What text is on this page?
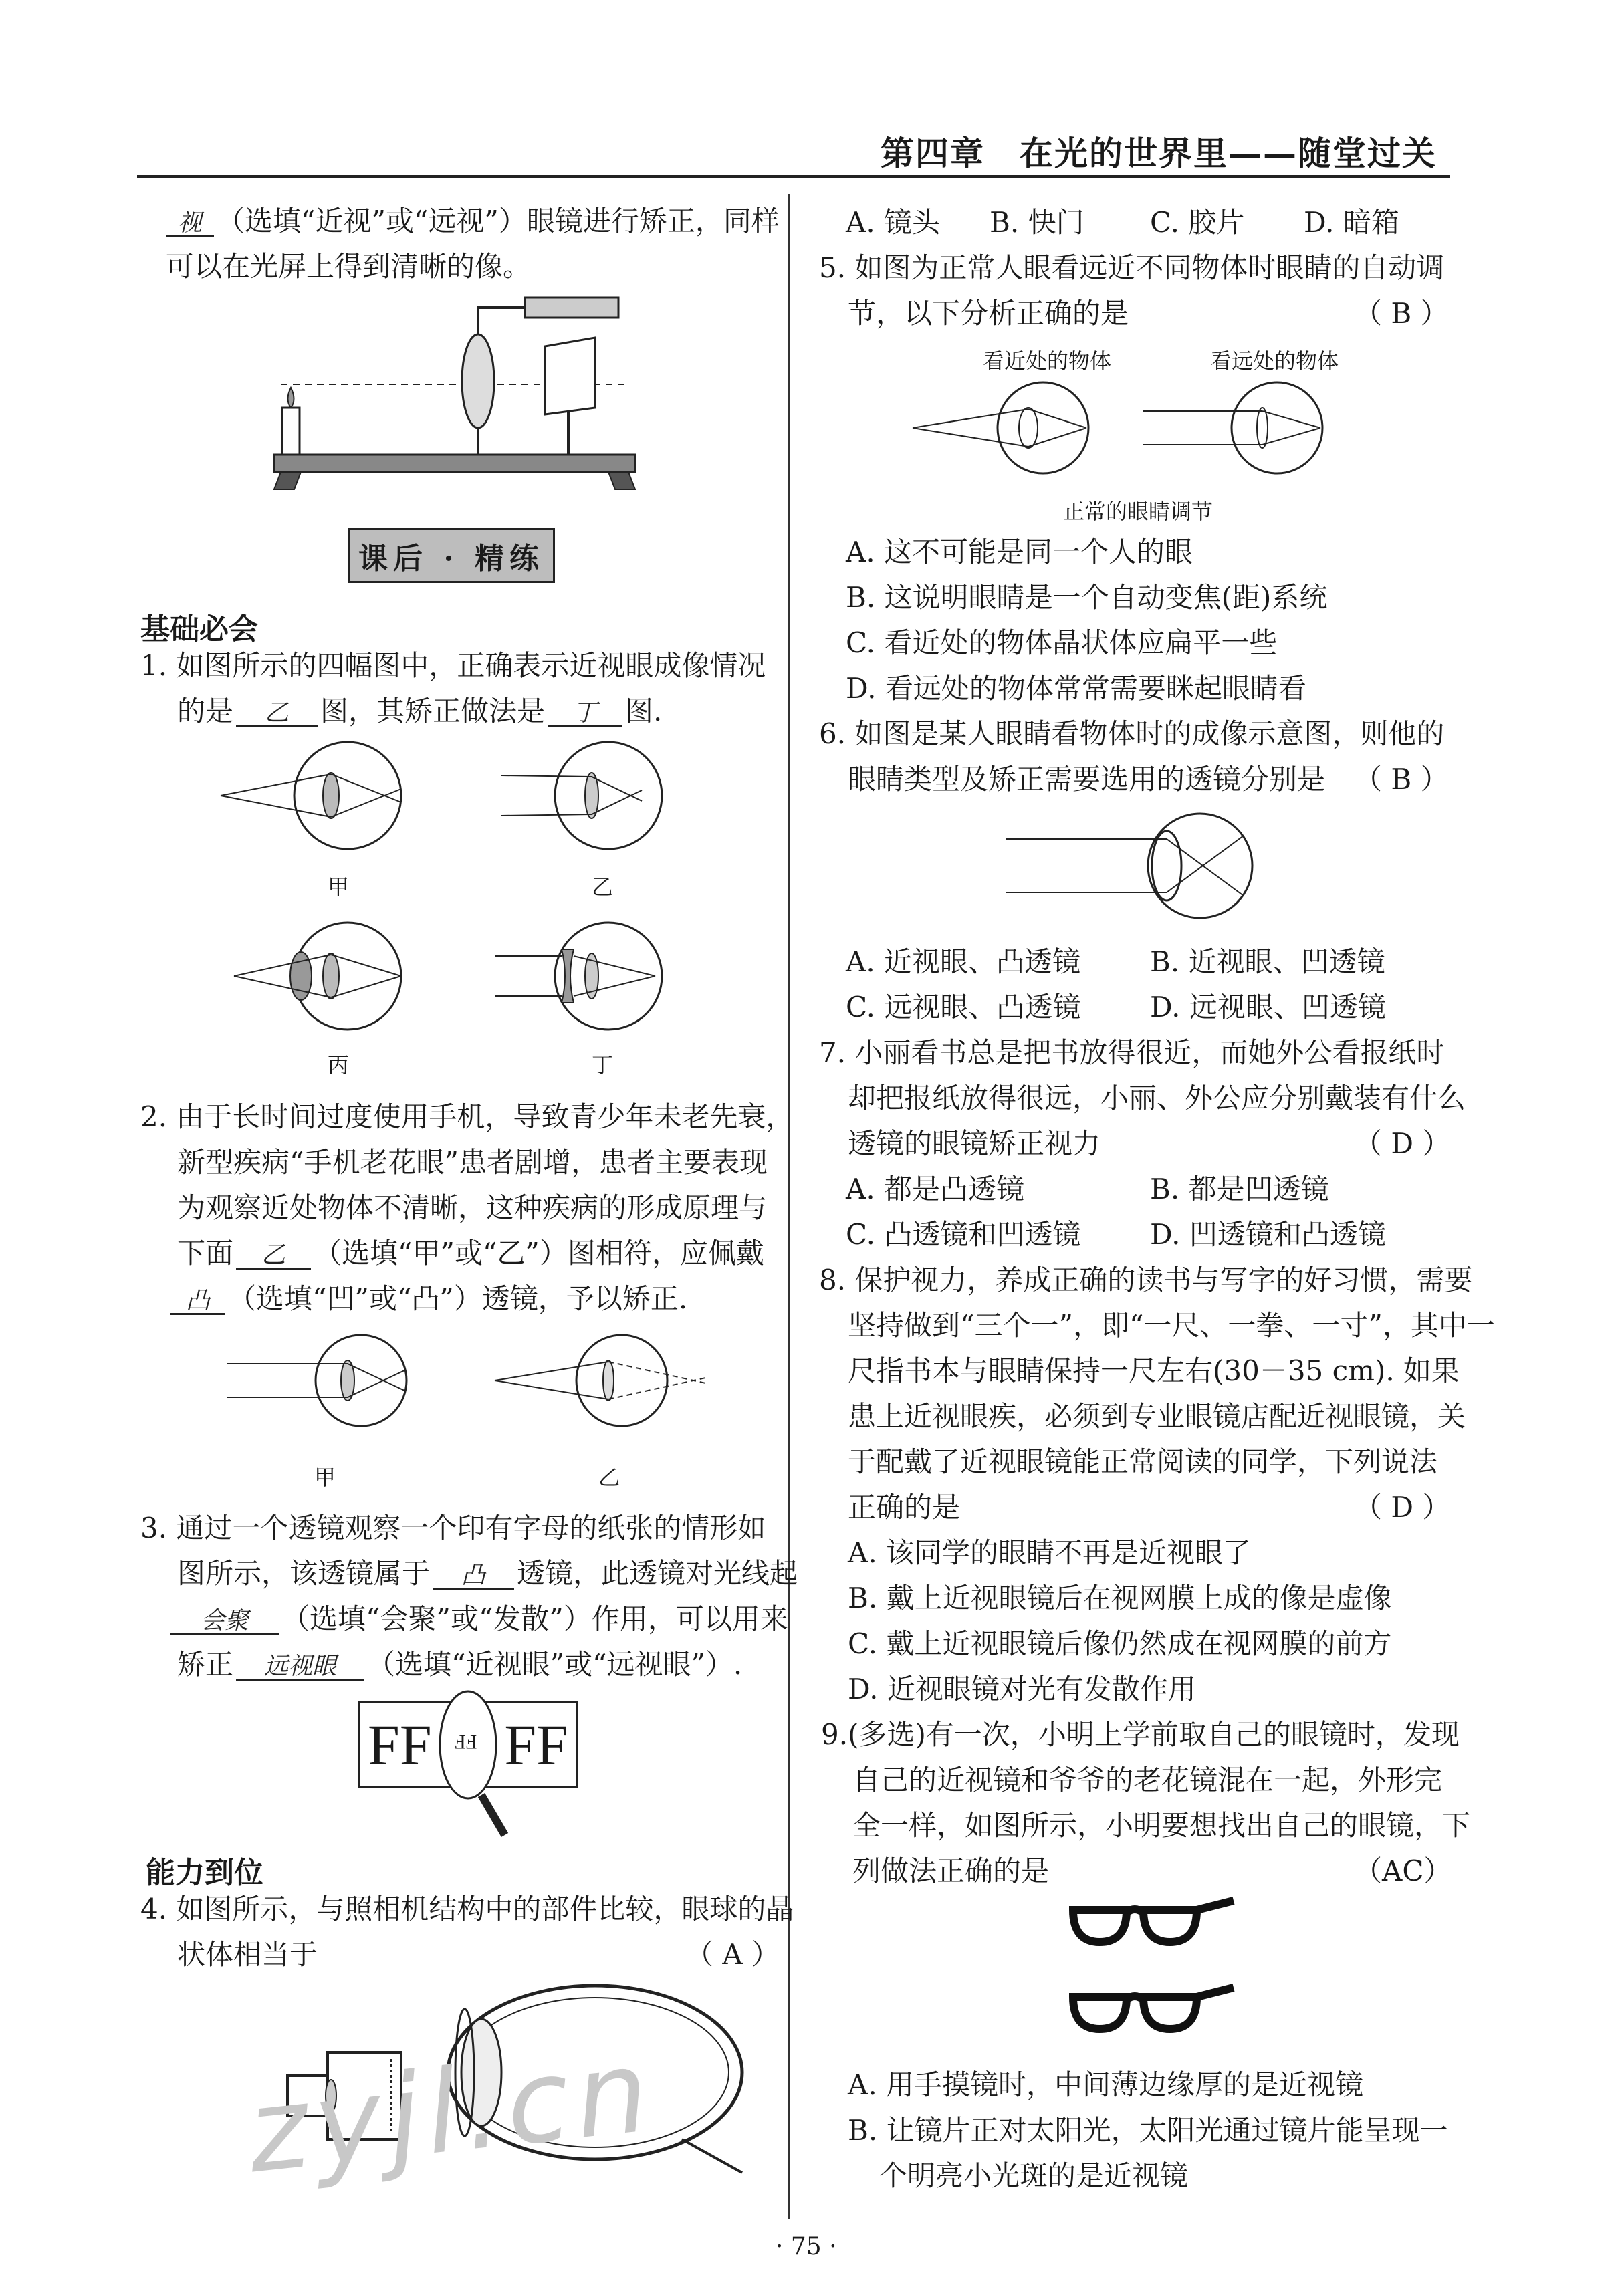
第四章　在光的世界里——随堂过关
视 （选填“近视”或“远视”）眼镜进行矫正，同样
可以在光屏上得到清晰的像。
课后 · 精练
基础必会
1. 如图所示的四幅图中，正确表示近视眼成像情况
的是 乙 图，其矫正做法是 丁 图.
甲	乙
丙	丁
2. 由于长时间过度使用手机，导致青少年未老先衰，
新型疾病“手机老花眼”患者剧增，患者主要表现
为观察近处物体不清晰，这种疾病的形成原理与
下面 乙 （选填“甲”或“乙”）图相符，应佩戴
凸 （选填“凹”或“凸”）透镜，予以矫正.
甲	乙
3. 通过一个透镜观察一个印有字母的纸张的情形如
图所示，该透镜属于 凸 透镜，此透镜对光线起
会聚 （选填“会聚”或“发散”）作用，可以用来
矫正 远视眼 （选填“近视眼”或“远视眼”）.
FF FF
FF
能力到位
4. 如图所示，与照相机结构中的部件比较，眼球的晶
状体相当于	（ A ）
zyjl.cn
A. 镜头 B. 快门 C. 胶片 D. 暗箱
5. 如图为正常人眼看远近不同物体时眼睛的自动调
节，以下分析正确的是	（ B ）
看近处的物体	看远处的物体
正常的眼睛调节
A. 这不可能是同一个人的眼
B. 这说明眼睛是一个自动变焦(距)系统
C. 看近处的物体晶状体应扁平一些
D. 看远处的物体常常需要眯起眼睛看
6. 如图是某人眼睛看物体时的成像示意图，则他的
眼睛类型及矫正需要选用的透镜分别是 （ B ）
A. 近视眼、凸透镜 B. 近视眼、凹透镜
C. 远视眼、凸透镜 D. 远视眼、凹透镜
7. 小丽看书总是把书放得很近，而她外公看报纸时
却把报纸放得很远，小丽、外公应分别戴装有什么
透镜的眼镜矫正视力	（ D ）
A. 都是凸透镜	B. 都是凹透镜
C. 凸透镜和凹透镜 D. 凹透镜和凸透镜
8. 保护视力，养成正确的读书与写字的好习惯，需要
坚持做到“三个一”，即“一尺、一拳、一寸”，其中一
尺指书本与眼睛保持一尺左右(30－35 cm). 如果
患上近视眼疾，必须到专业眼镜店配近视眼镜，关
于配戴了近视眼镜能正常阅读的同学，下列说法
正确的是	（ D ）
A. 该同学的眼睛不再是近视眼了
B. 戴上近视眼镜后在视网膜上成的像是虚像
C. 戴上近视眼镜后像仍然成在视网膜的前方
D. 近视眼镜对光有发散作用
9.(多选)有一次，小明上学前取自己的眼镜时，发现
自己的近视镜和爷爷的老花镜混在一起，外形完
全一样，如图所示，小明要想找出自己的眼镜，下
列做法正确的是	（AC）
A. 用手摸镜时，中间薄边缘厚的是近视镜
B. 让镜片正对太阳光，太阳光通过镜片能呈现一
个明亮小光斑的是近视镜
· 75 ·
